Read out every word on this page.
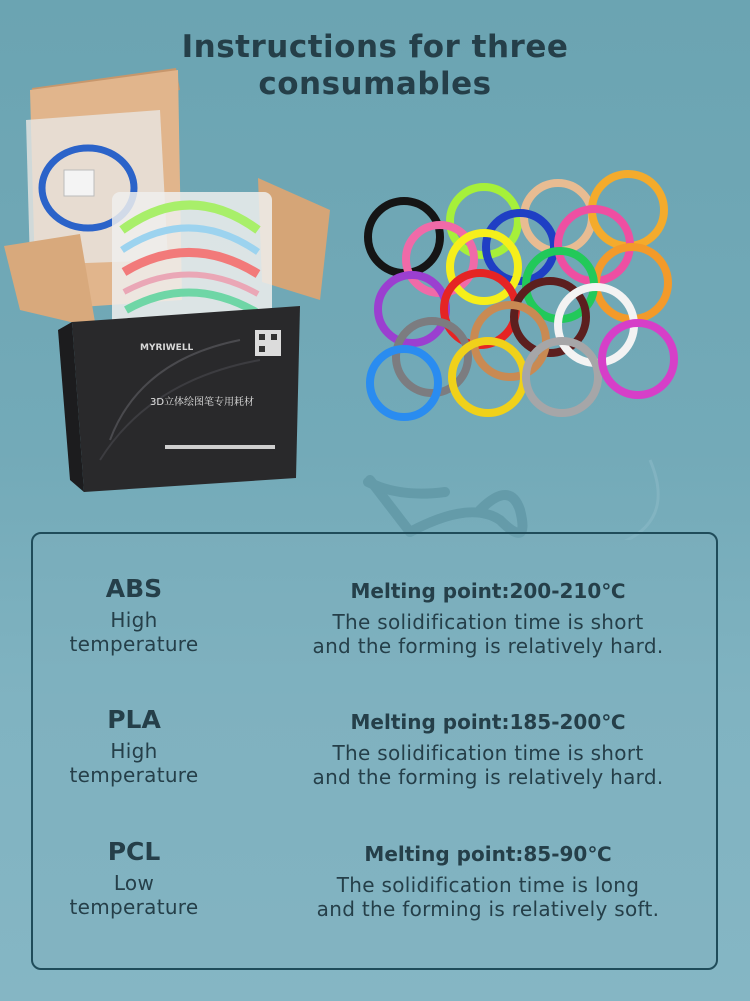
Instructions for three
consumables
MYRIWELL
3D立体绘图笔专用耗材
ABS
High
temperature
Melting point:200-210℃
The solidification time is short
and the forming is relatively hard.
PLA
High
temperature
Melting point:185-200℃
The solidification time is short
and the forming is relatively hard.
PCL
Low
temperature
Melting point:85-90℃
The solidification time is long
and the forming is relatively soft.
